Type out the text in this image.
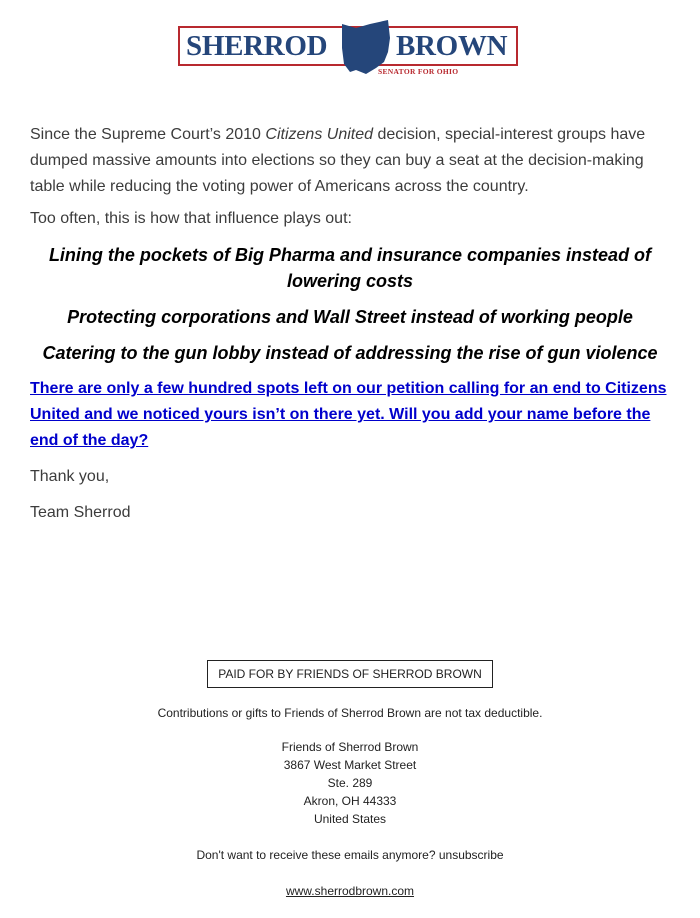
SHERROD BROWN
SENATOR FOR OHIO

Since the Supreme Court’s 2010 Citizens United decision, special-interest groups have dumped massive amounts into elections so they can buy a seat at the decision-making table while reducing the voting power of Americans across the country.

Too often, this is how that influence plays out:

Lining the pockets of Big Pharma and insurance companies instead of lowering costs

Protecting corporations and Wall Street instead of working people

Catering to the gun lobby instead of addressing the rise of gun violence

There are only a few hundred spots left on our petition calling for an end to Citizens United and we noticed yours isn’t on there yet. Will you add your name before the end of the day?
Thank you,
Team Sherrod
PAID FOR BY FRIENDS OF SHERROD BROWN
Contributions or gifts to Friends of Sherrod Brown are not tax deductible.
Friends of Sherrod Brown
3867 West Market Street
Ste. 289
Akron, OH 44333
United States
Don't want to receive these emails anymore? unsubscribe
www.sherrodbrown.com
